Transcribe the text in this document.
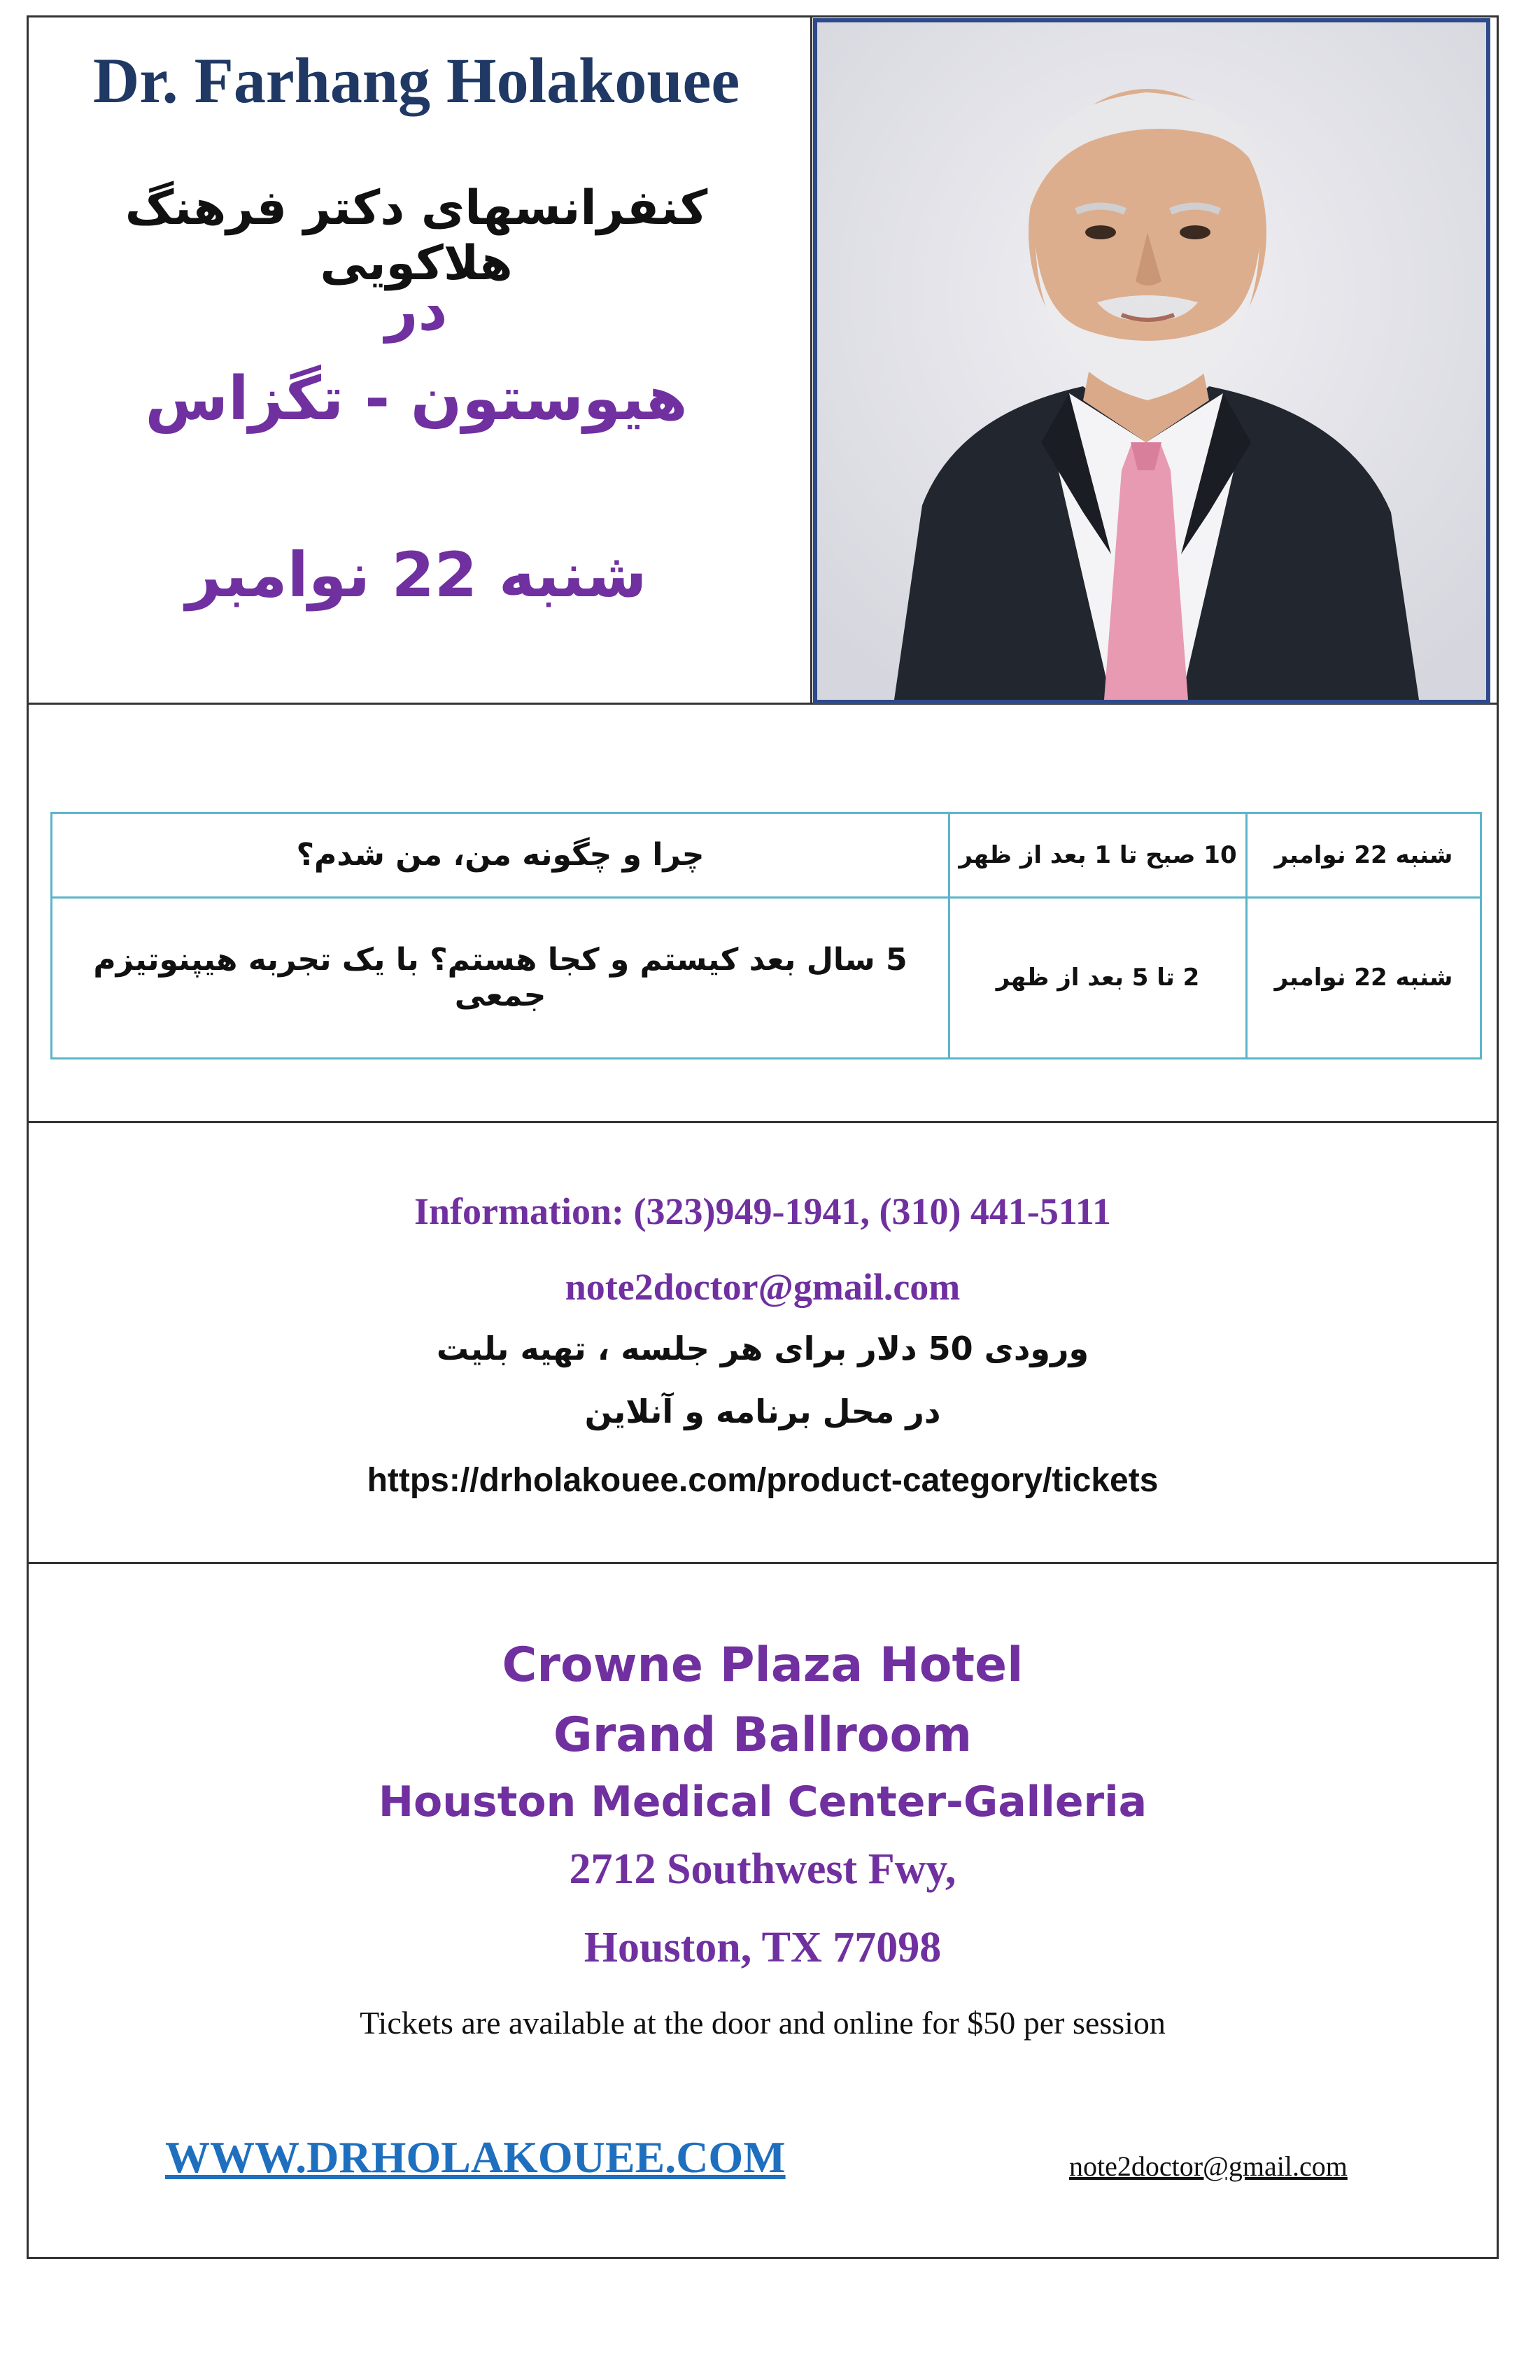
Dr. Farhang Holakouee
کنفرانسهای دکتر فرهنگ هلاکویی
در
هیوستون - تگزاس
شنبه 22 نوامبر
شنبه 22 نوامبر	10 صبح تا 1 بعد از ظهر	چرا و چگونه من، من شدم؟
شنبه 22 نوامبر	2 تا 5 بعد از ظهر	5 سال بعد کیستم و کجا هستم؟ با یک تجربه هیپنوتیزم جمعی
Information: (323)949-1941, (310) 441-5111
note2doctor@gmail.com
ورودی 50 دلار برای هر جلسه ، تهیه بلیت
در محل برنامه و آنلاین
https://drholakouee.com/product-category/tickets
Crowne Plaza Hotel
Grand Ballroom
Houston Medical Center-Galleria
2712 Southwest Fwy,
Houston, TX 77098
Tickets are available at the door and online for $50 per session
WWW.DRHOLAKOUEE.COM	note2doctor@gmail.com
